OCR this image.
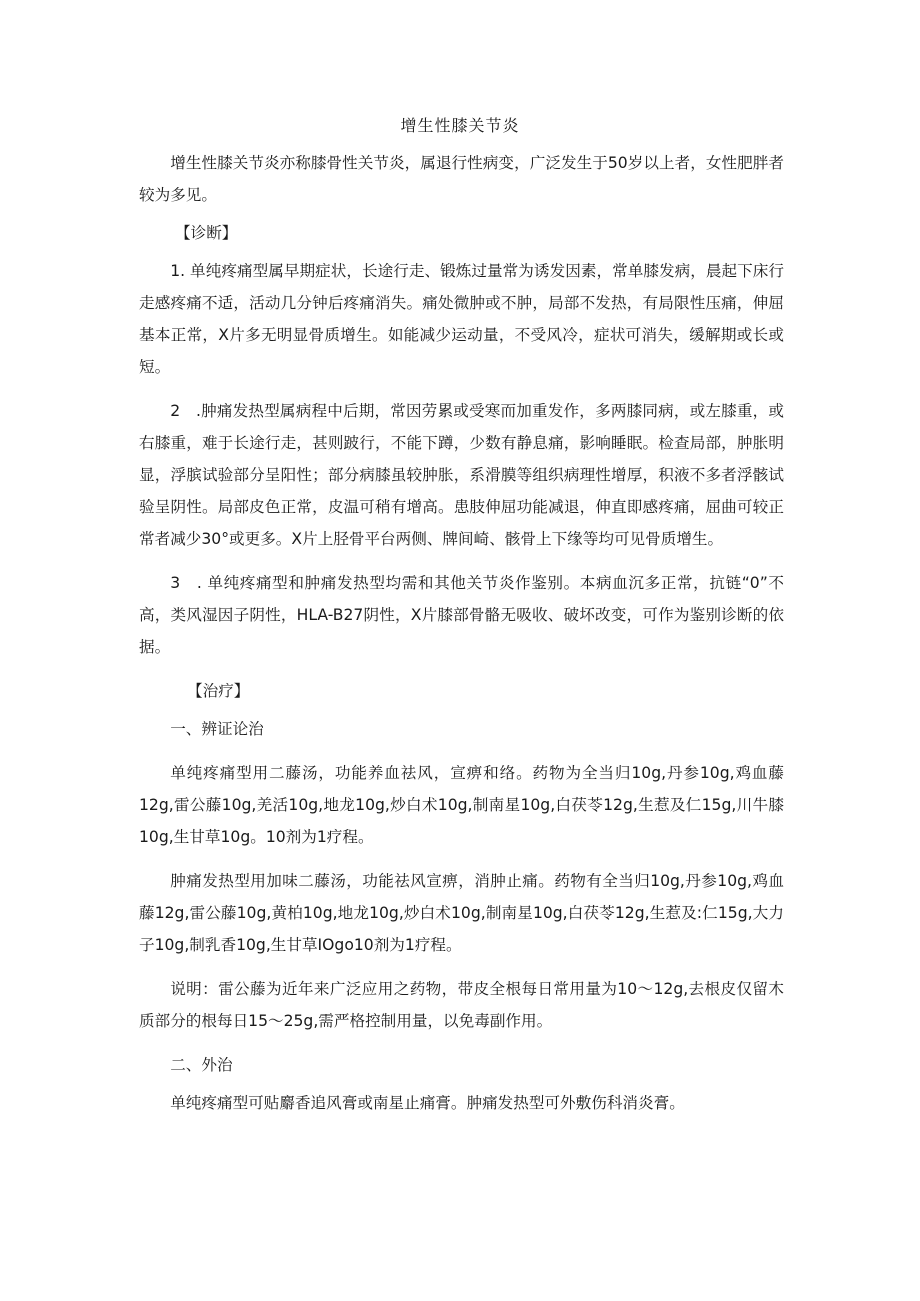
增生性膝关节炎

增生性膝关节炎亦称膝骨性关节炎，属退行性病变，广泛发生于50岁以上者，女性肥胖者较为多见。

【诊断】

1. 单纯疼痛型属早期症状，长途行走、锻炼过量常为诱发因素，常单膝发病，晨起下床行走感疼痛不适，活动几分钟后疼痛消失。痛处微肿或不肿，局部不发热，有局限性压痛，伸屈基本正常，X片多无明显骨质增生。如能减少运动量，不受风冷，症状可消失，缓解期或长或短。

2　.肿痛发热型属病程中后期，常因劳累或受寒而加重发作，多两膝同病，或左膝重，或右膝重，难于长途行走，甚则跛行，不能下蹲，少数有静息痛，影响睡眠。检查局部，肿胀明显，浮膑试验部分呈阳性；部分病膝虽较肿胀，系滑膜等组织病理性增厚，积液不多者浮骸试验呈阴性。局部皮色正常，皮温可稍有增高。患肢伸屈功能减退，伸直即感疼痛，屈曲可较正常者减少30°或更多。X片上胫骨平台两侧、牌间崎、骸骨上下缘等均可见骨质增生。

3　. 单纯疼痛型和肿痛发热型均需和其他关节炎作鉴别。本病血沉多正常，抗链“0”不高，类风湿因子阴性，HLA-B27阴性，X片膝部骨骼无吸收、破坏改变，可作为鉴别诊断的依据。

【治疗】

一、辨证论治

单纯疼痛型用二藤汤，功能养血祛风，宣痹和络。药物为全当归10g,丹参10g,鸡血藤12g,雷公藤10g,羌活10g,地龙10g,炒白术10g,制南星10g,白茯苓12g,生惹及仁15g,川牛膝10g,生甘草10g。10剂为1疗程。

肿痛发热型用加味二藤汤，功能祛风宣痹，消肿止痛。药物有全当归10g,丹参10g,鸡血藤12g,雷公藤10g,黄柏10g,地龙10g,炒白术10g,制南星10g,白茯苓12g,生惹及:仁15g,大力子10g,制乳香10g,生甘草IOgo10剂为1疗程。

说明：雷公藤为近年来广泛应用之药物，带皮全根每日常用量为10～12g,去根皮仅留木质部分的根每日15～25g,需严格控制用量，以免毒副作用。

二、外治

单纯疼痛型可贴麝香追风膏或南星止痛膏。肿痛发热型可外敷伤科消炎膏。
